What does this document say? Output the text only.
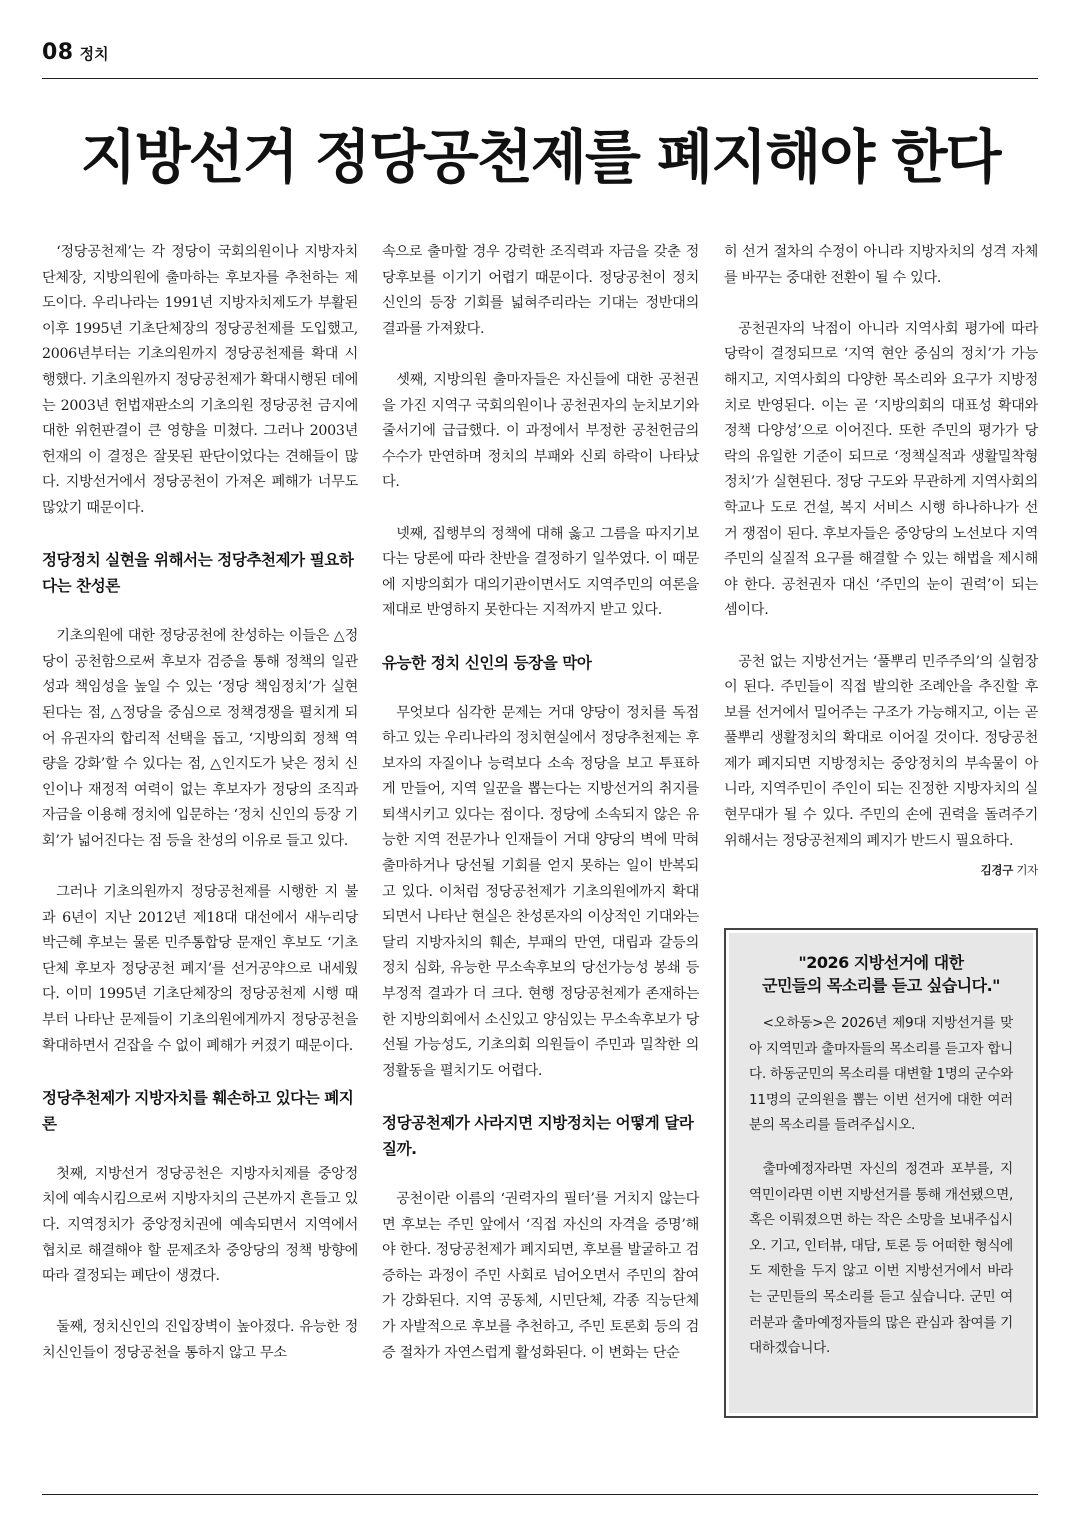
08 정치
지방선거 정당공천제를 폐지해야 한다

‘정당공천제’는 각 정당이 국회의원이나 지방자치단체장, 지방의원에 출마하는 후보자를 추천하는 제도이다. 우리나라는 1991년 지방자치제도가 부활된 이후 1995년 기초단체장의 정당공천제를 도입했고, 2006년부터는 기초의원까지 정당공천제를 확대 시행했다. 기초의원까지 정당공천제가 확대시행된 데에는 2003년 헌법재판소의 기초의원 정당공천 금지에 대한 위헌판결이 큰 영향을 미쳤다. 그러나 2003년 헌재의 이 결정은 잘못된 판단이었다는 견해들이 많다. 지방선거에서 정당공천이 가져온 폐해가 너무도 많았기 때문이다.

정당정치 실현을 위해서는 정당추천제가 필요하다는 찬성론

기초의원에 대한 정당공천에 찬성하는 이들은 △정당이 공천함으로써 후보자 검증을 통해 정책의 일관성과 책임성을 높일 수 있는 ‘정당 책임정치’가 실현된다는 점, △정당을 중심으로 정책경쟁을 펼치게 되어 유권자의 합리적 선택을 돕고, ‘지방의회 정책 역량을 강화’할 수 있다는 점, △인지도가 낮은 정치 신인이나 재정적 여력이 없는 후보자가 정당의 조직과 자금을 이용해 정치에 입문하는 ‘정치 신인의 등장 기회’가 넓어진다는 점 등을 찬성의 이유로 들고 있다.

그러나 기초의원까지 정당공천제를 시행한 지 불과 6년이 지난 2012년 제18대 대선에서 새누리당 박근혜 후보는 물론 민주통합당 문재인 후보도 ‘기초단체 후보자 정당공천 폐지’를 선거공약으로 내세웠다. 이미 1995년 기초단체장의 정당공천제 시행 때부터 나타난 문제들이 기초의원에게까지 정당공천을 확대하면서 걷잡을 수 없이 폐해가 커졌기 때문이다.

정당추천제가 지방자치를 훼손하고 있다는 폐지론

첫째, 지방선거 정당공천은 지방자치제를 중앙정치에 예속시킴으로써 지방자치의 근본까지 흔들고 있다. 지역정치가 중앙정치권에 예속되면서 지역에서 협치로 해결해야 할 문제조차 중앙당의 정책 방향에 따라 결정되는 폐단이 생겼다.

둘째, 정치신인의 진입장벽이 높아졌다. 유능한 정치신인들이 정당공천을 통하지 않고 무소

속으로 출마할 경우 강력한 조직력과 자금을 갖춘 정당후보를 이기기 어렵기 때문이다. 정당공천이 정치신인의 등장 기회를 넓혀주리라는 기대는 정반대의 결과를 가져왔다.

셋째, 지방의원 출마자들은 자신들에 대한 공천권을 가진 지역구 국회의원이나 공천권자의 눈치보기와 줄서기에 급급했다. 이 과정에서 부정한 공천헌금의 수수가 만연하며 정치의 부패와 신뢰 하락이 나타났다.

넷째, 집행부의 정책에 대해 옳고 그름을 따지기보다는 당론에 따라 찬반을 결정하기 일쑤였다. 이 때문에 지방의회가 대의기관이면서도 지역주민의 여론을 제대로 반영하지 못한다는 지적까지 받고 있다.

유능한 정치 신인의 등장을 막아

무엇보다 심각한 문제는 거대 양당이 정치를 독점하고 있는 우리나라의 정치현실에서 정당추천제는 후보자의 자질이나 능력보다 소속 정당을 보고 투표하게 만들어, 지역 일꾼을 뽑는다는 지방선거의 취지를 퇴색시키고 있다는 점이다. 정당에 소속되지 않은 유능한 지역 전문가나 인재들이 거대 양당의 벽에 막혀 출마하거나 당선될 기회를 얻지 못하는 일이 반복되고 있다. 이처럼 정당공천제가 기초의원에까지 확대되면서 나타난 현실은 찬성론자의 이상적인 기대와는 달리 지방자치의 훼손, 부패의 만연, 대립과 갈등의 정치 심화, 유능한 무소속후보의 당선가능성 봉쇄 등 부정적 결과가 더 크다. 현행 정당공천제가 존재하는 한 지방의회에서 소신있고 양심있는 무소속후보가 당선될 가능성도, 기초의회 의원들이 주민과 밀착한 의정활동을 펼치기도 어렵다.

정당공천제가 사라지면 지방정치는 어떻게 달라질까.

공천이란 이름의 ‘권력자의 필터’를 거치지 않는다면 후보는 주민 앞에서 ‘직접 자신의 자격을 증명’해야 한다. 정당공천제가 폐지되면, 후보를 발굴하고 검증하는 과정이 주민 사회로 넘어오면서 주민의 참여가 강화된다. 지역 공동체, 시민단체, 각종 직능단체가 자발적으로 후보를 추천하고, 주민 토론회 등의 검증 절차가 자연스럽게 활성화된다. 이 변화는 단순

히 선거 절차의 수정이 아니라 지방자치의 성격 자체를 바꾸는 중대한 전환이 될 수 있다.

공천권자의 낙점이 아니라 지역사회 평가에 따라 당락이 결정되므로 ‘지역 현안 중심의 정치’가 가능해지고, 지역사회의 다양한 목소리와 요구가 지방정치로 반영된다. 이는 곧 ‘지방의회의 대표성 확대와 정책 다양성’으로 이어진다. 또한 주민의 평가가 당락의 유일한 기준이 되므로 ‘정책실적과 생활밀착형 정치’가 실현된다. 정당 구도와 무관하게 지역사회의 학교나 도로 건설, 복지 서비스 시행 하나하나가 선거 쟁점이 된다. 후보자들은 중앙당의 노선보다 지역주민의 실질적 요구를 해결할 수 있는 해법을 제시해야 한다. 공천권자 대신 ‘주민의 눈이 권력’이 되는 셈이다.

공천 없는 지방선거는 ‘풀뿌리 민주주의’의 실험장이 된다. 주민들이 직접 발의한 조례안을 추진할 후보를 선거에서 밀어주는 구조가 가능해지고, 이는 곧 풀뿌리 생활정치의 확대로 이어질 것이다. 정당공천제가 폐지되면 지방정치는 중앙정치의 부속물이 아니라, 지역주민이 주인이 되는 진정한 지방자치의 실현무대가 될 수 있다. 주민의 손에 권력을 돌려주기 위해서는 정당공천제의 폐지가 반드시 필요하다.

김경구 기자
"2026 지방선거에 대한
군민들의 목소리를 듣고 싶습니다."

<오하동>은 2026년 제9대 지방선거를 맞아 지역민과 출마자들의 목소리를 듣고자 합니다. 하동군민의 목소리를 대변할 1명의 군수와 11명의 군의원을 뽑는 이번 선거에 대한 여러분의 목소리를 들려주십시오.

출마예정자라면 자신의 정견과 포부를, 지역민이라면 이번 지방선거를 통해 개선됐으면, 혹은 이뤄졌으면 하는 작은 소망을 보내주십시오. 기고, 인터뷰, 대담, 토론 등 어떠한 형식에도 제한을 두지 않고 이번 지방선거에서 바라는 군민들의 목소리를 듣고 싶습니다. 군민 여러분과 출마예정자들의 많은 관심과 참여를 기대하겠습니다.
